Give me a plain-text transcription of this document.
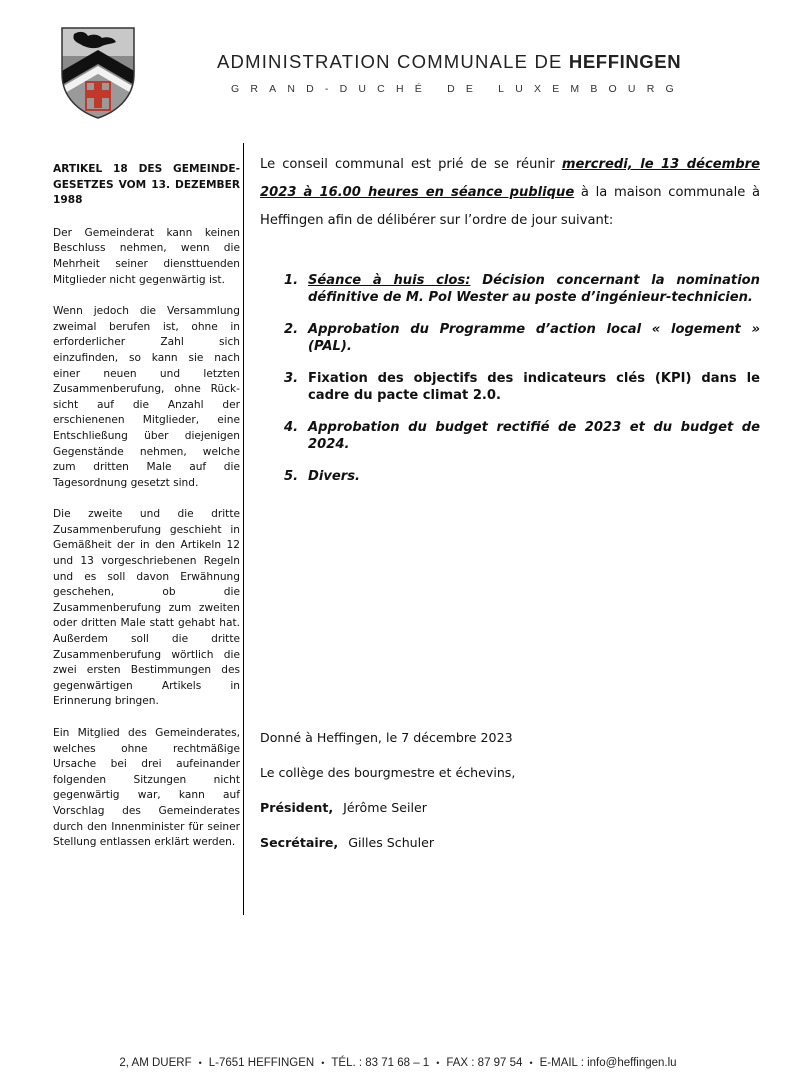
ADMINISTRATION COMMUNALE DE HEFFINGEN
GRAND-DUCHÉ DE LUXEMBOURG

ARTIKEL 18 DES GEMEINDE-GESETZES VOM 13. DEZEMBER 1988

Der Gemeinderat kann keinen Beschluss nehmen, wenn die Mehrheit seiner diensttuenden Mitglieder nicht gegenwärtig ist.

Wenn jedoch die Versammlung zweimal berufen ist, ohne in erforderlicher Zahl sich einzufinden, so kann sie nach einer neuen und letzten Zusammenberufung, ohne Rück-sicht auf die Anzahl der erschienenen Mitglieder, eine Entschließung über diejenigen Gegenstände nehmen, welche zum dritten Male auf die Tagesordnung gesetzt sind.

Die zweite und die dritte Zusammenberufung geschieht in Gemäßheit der in den Artikeln 12 und 13 vorgeschriebenen Regeln und es soll davon Erwähnung geschehen, ob die Zusammenberufung zum zweiten oder dritten Male statt gehabt hat. Außerdem soll die dritte Zusammenberufung wörtlich die zwei ersten Bestimmungen des gegenwärtigen Artikels in Erinnerung bringen.

Ein Mitglied des Gemeinderates, welches ohne rechtmäßige Ursache bei drei aufeinander folgenden Sitzungen nicht gegenwärtig war, kann auf Vorschlag des Gemeinderates durch den Innenminister für seiner Stellung entlassen erklärt werden.

Le conseil communal est prié de se réunir mercredi, le 13 décembre 2023 à 16.00 heures en séance publique à la maison communale à Heffingen afin de délibérer sur l’ordre de jour suivant:

1. Séance à huis clos: Décision concernant la nomination définitive de M. Pol Wester au poste d’ingénieur-technicien.
2. Approbation du Programme d’action local « logement » (PAL).
3. Fixation des objectifs des indicateurs clés (KPI) dans le cadre du pacte climat 2.0.
4. Approbation du budget rectifié de 2023 et du budget de 2024.
5. Divers.
Donné à Heffingen, le 7 décembre 2023
Le collège des bourgmestre et échevins,
Président, Jérôme Seiler
Secrétaire, Gilles Schuler
2, AM DUERF • L-7651 HEFFINGEN • TÉL. : 83 71 68 – 1 • FAX : 87 97 54 • E-MAIL : info@heffingen.lu
